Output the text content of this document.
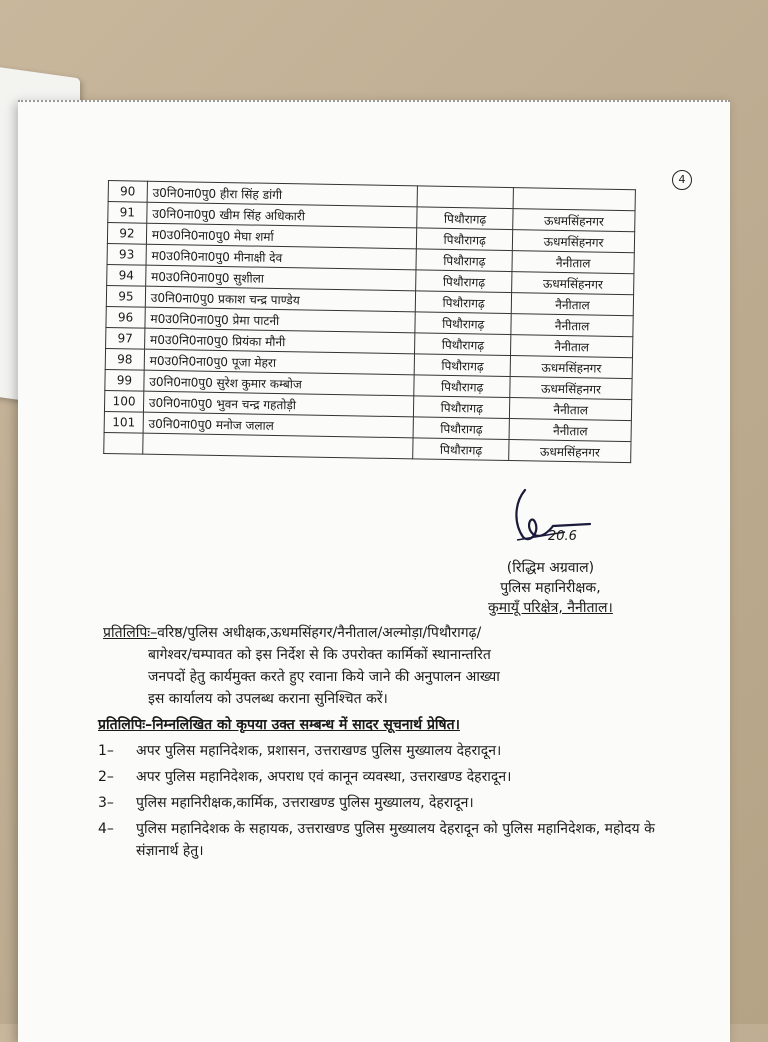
4
90	उ0नि0ना0पु0 हीरा सिंह डांगी		
91	उ0नि0ना0पु0 खीम सिंह अधिकारी	पिथौरागढ़	ऊधमसिंहनगर
92	म0उ0नि0ना0पु0 मेघा शर्मा	पिथौरागढ़	ऊधमसिंहनगर
93	म0उ0नि0ना0पु0 मीनाक्षी देव	पिथौरागढ़	नैनीताल
94	म0उ0नि0ना0पु0 सुशीला	पिथौरागढ़	ऊधमसिंहनगर
95	उ0नि0ना0पु0 प्रकाश चन्द्र पाण्डेय	पिथौरागढ़	नैनीताल
96	म0उ0नि0ना0पु0 प्रेमा पाटनी	पिथौरागढ़	नैनीताल
97	म0उ0नि0ना0पु0 प्रियंका मौनी	पिथौरागढ़	नैनीताल
98	म0उ0नि0ना0पु0 पूजा मेहरा	पिथौरागढ़	ऊधमसिंहनगर
99	उ0नि0ना0पु0 सुरेश कुमार कम्बोज	पिथौरागढ़	ऊधमसिंहनगर
100	उ0नि0ना0पु0 भुवन चन्द्र गहतोड़ी	पिथौरागढ़	नैनीताल
101	उ0नि0ना0पु0 मनोज जलाल	पिथौरागढ़	नैनीताल
		पिथौरागढ़	ऊधमसिंहनगर
20.6
(रिद्धिम अग्रवाल)
पुलिस महानिरीक्षक,
कुमायूँ परिक्षेत्र, नैनीताल।
प्रतिलिपिः–वरिष्ठ/पुलिस अधीक्षक,ऊधमसिंहगर/नैनीताल/अल्मोड़ा/पिथौरागढ़/
बागेश्वर/चम्पावत को इस निर्देश से कि उपरोक्त कार्मिकों स्थानान्तरित
जनपदों हेतु कार्यमुक्त करते हुए रवाना किये जाने की अनुपालन आख्या
इस कार्यालय को उपलब्ध कराना सुनिश्चित करें।
प्रतिलिपिः–निम्नलिखित को कृपया उक्त सम्बन्ध में सादर सूचनार्थ प्रेषित।
1–	अपर पुलिस महानिदेशक, प्रशासन, उत्तराखण्ड पुलिस मुख्यालय देहरादून।
2–	अपर पुलिस महानिदेशक, अपराध एवं कानून व्यवस्था, उत्तराखण्ड देहरादून।
3–	पुलिस महानिरीक्षक,कार्मिक, उत्तराखण्ड पुलिस मुख्यालय, देहरादून।
4–	पुलिस महानिदेशक के सहायक, उत्तराखण्ड पुलिस मुख्यालय देहरादून को पुलिस महानिदेशक, महोदय के संज्ञानार्थ हेतु।
